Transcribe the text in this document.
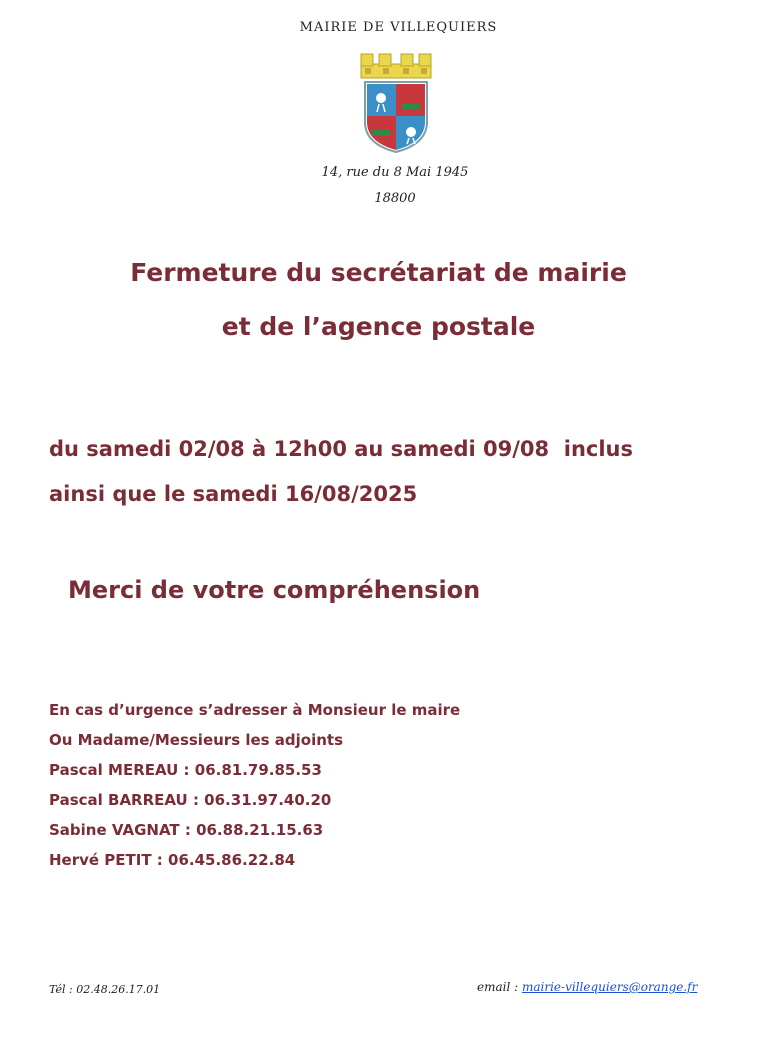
MAIRIE DE VILLEQUIERS
14, rue du 8 Mai 1945
18800
Fermeture du secrétariat de mairie
et de l’agence postale
du samedi 02/08 à 12h00 au samedi 09/08  inclus
ainsi que le samedi 16/08/2025
Merci de votre compréhension
En cas d’urgence s’adresser à Monsieur le maire
Ou Madame/Messieurs les adjoints
Pascal MEREAU : 06.81.79.85.53
Pascal BARREAU : 06.31.97.40.20
Sabine VAGNAT : 06.88.21.15.63
Hervé PETIT : 06.45.86.22.84
Tél : 02.48.26.17.01	email : mairie-villequiers@orange.fr
